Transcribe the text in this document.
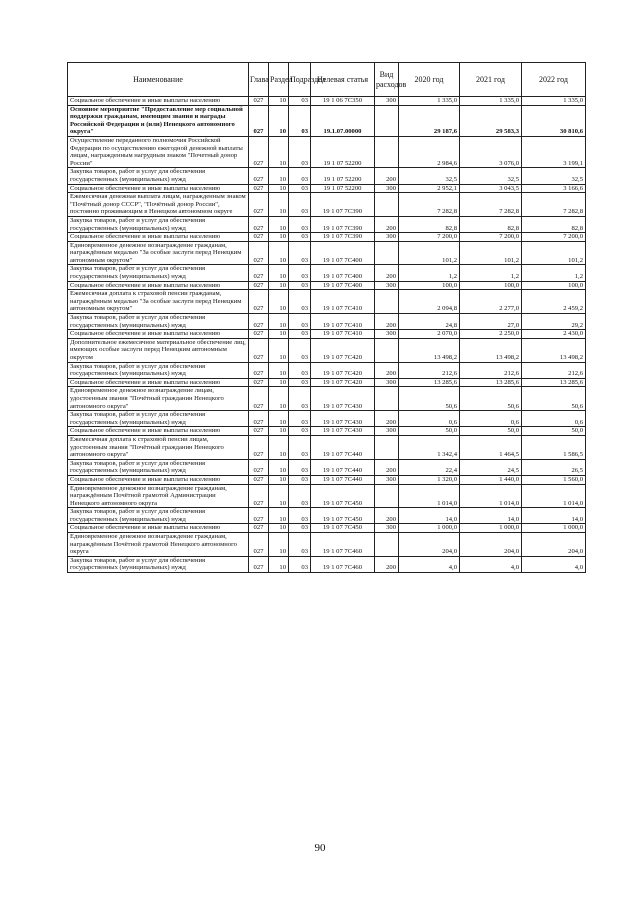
Наименование	Глава	Раздел	Подраздел	Целевая статья	Вид расходов	2020 год	2021 год	2022 год
Социальное обеспечение и иные выплаты населению	027	10	03	19 1 06 7С350	300	1 335,0	1 335,0	1 335,0
Основное мероприятие "Предоставление мер социальной поддержки гражданам, имеющим звания и награды Российской Федерации и (или) Ненецкого автономного округа"	027	10	03	19.1.07.00000		29 187,6	29 583,3	30 810,6
Осуществление переданного полномочия Российской Федерации по осуществлению ежегодной денежной выплаты лицам, награжденным нагрудным знаком "Почетный донор России"	027	10	03	19 1 07 52200		2 984,6	3 076,0	3 199,1
Закупка товаров, работ и услуг для обеспечения государственных (муниципальных) нужд	027	10	03	19 1 07 52200	200	32,5	32,5	32,5
Социальное обеспечение и иные выплаты населению	027	10	03	19 1 07 52200	300	2 952,1	3 043,5	3 166,6
Ежемесячная денежная выплата лицам, награжденным знаком "Почётный донор СССР", "Почётный донор России", постоянно проживающим в Ненецком автономном округе	027	10	03	19 1 07 7С390		7 282,8	7 282,8	7 282,8
Закупка товаров, работ и услуг для обеспечения государственных (муниципальных) нужд	027	10	03	19 1 07 7С390	200	82,8	82,8	82,8
Социальное обеспечение и иные выплаты населению	027	10	03	19 1 07 7С390	300	7 200,0	7 200,0	7 200,0
Единовременное денежное вознаграждение гражданам, награждённым медалью "За особые заслуги перед Ненецким автономным округом"	027	10	03	19 1 07 7С400		101,2	101,2	101,2
Закупка товаров, работ и услуг для обеспечения государственных (муниципальных) нужд	027	10	03	19 1 07 7С400	200	1,2	1,2	1,2
Социальное обеспечение и иные выплаты населению	027	10	03	19 1 07 7С400	300	100,0	100,0	100,0
Ежемесячная доплата к страховой пенсии гражданам, награждённым медалью "За особые заслуги перед Ненецким автономным округом"	027	10	03	19 1 07 7С410		2 094,8	2 277,0	2 459,2
Закупка товаров, работ и услуг для обеспечения государственных (муниципальных) нужд	027	10	03	19 1 07 7С410	200	24,8	27,0	29,2
Социальное обеспечение и иные выплаты населению	027	10	03	19 1 07 7С410	300	2 070,0	2 250,0	2 430,0
Дополнительное ежемесячное материальное обеспечение лиц, имеющих особые заслуги перед Ненецким автономным округом	027	10	03	19 1 07 7С420		13 498,2	13 498,2	13 498,2
Закупка товаров, работ и услуг для обеспечения государственных (муниципальных) нужд	027	10	03	19 1 07 7С420	200	212,6	212,6	212,6
Социальное обеспечение и иные выплаты населению	027	10	03	19 1 07 7С420	300	13 285,6	13 285,6	13 285,6
Единовременное денежное вознаграждение лицам, удостоенным звания "Почётный гражданин Ненецкого автономного округа"	027	10	03	19 1 07 7С430		50,6	50,6	50,6
Закупка товаров, работ и услуг для обеспечения государственных (муниципальных) нужд	027	10	03	19 1 07 7С430	200	0,6	0,6	0,6
Социальное обеспечение и иные выплаты населению	027	10	03	19 1 07 7С430	300	50,0	50,0	50,0
Ежемесячная доплата к страховой пенсии лицам, удостоенным звания "Почётный гражданин Ненецкого автономного округа"	027	10	03	19 1 07 7С440		1 342,4	1 464,5	1 586,5
Закупка товаров, работ и услуг для обеспечения государственных (муниципальных) нужд	027	10	03	19 1 07 7С440	200	22,4	24,5	26,5
Социальное обеспечение и иные выплаты населению	027	10	03	19 1 07 7С440	300	1 320,0	1 440,0	1 560,0
Единовременное денежное вознаграждение гражданам, награждённым Почётной грамотой Администрации Ненецкого автономного округа	027	10	03	19 1 07 7С450		1 014,0	1 014,0	1 014,0
Закупка товаров, работ и услуг для обеспечения государственных (муниципальных) нужд	027	10	03	19 1 07 7С450	200	14,0	14,0	14,0
Социальное обеспечение и иные выплаты населению	027	10	03	19 1 07 7С450	300	1 000,0	1 000,0	1 000,0
Единовременное денежное вознаграждение гражданам, награждённым Почётной грамотой Ненецкого автономного округа	027	10	03	19 1 07 7С460		204,0	204,0	204,0
Закупка товаров, работ и услуг для обеспечения государственных (муниципальных) нужд	027	10	03	19 1 07 7С460	200	4,0	4,0	4,0
90
